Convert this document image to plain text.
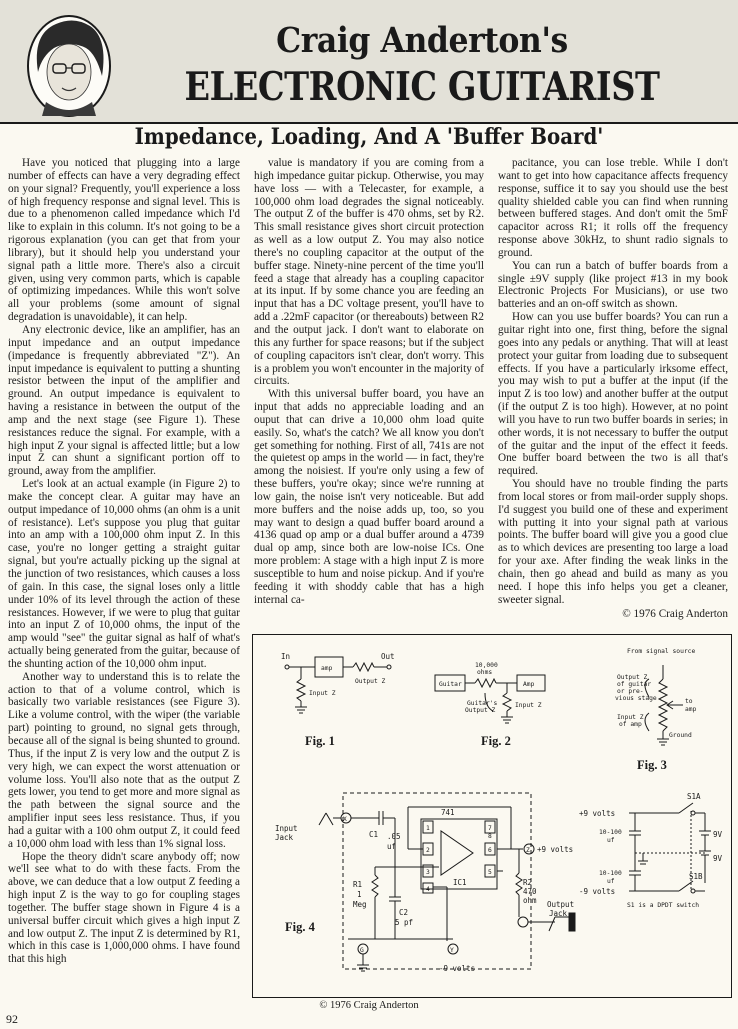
Craig Anderton's
ELECTRONIC GUITARIST
Impedance, Loading, And A 'Buffer Board'

Have you noticed that plugging into a large number of effects can have a very degrading effect on your signal? Frequently, you'll experience a loss of high frequency response and signal level. This is due to a phenomenon called impedance which I'd like to explain in this column. It's not going to be a rigorous explanation (you can get that from your library), but it should help you understand your signal path a little more. There's also a circuit given, using very common parts, which is capable of optimizing impedances. While this won't solve all your problems (some amount of signal degradation is unavoidable), it can help.

Any electronic device, like an amplifier, has an input impedance and an output impedance (impedance is frequently abbreviated "Z"). An input impedance is equivalent to putting a shunting resistor between the input of the amplifier and ground. An output impedance is equivalent to having a resistance in between the output of the amp and the next stage (see Figure 1). These resistances reduce the signal. For example, with a high input Z your signal is affected little; but a low input Z can shunt a significant portion off to ground, away from the amplifier.

Let's look at an actual example (in Figure 2) to make the concept clear. A guitar may have an output impedance of 10,000 ohms (an ohm is a unit of resistance). Let's suppose you plug that guitar into an amp with a 100,000 ohm input Z. In this case, you're no longer getting a straight guitar signal, but you're actually picking up the signal at the junction of two resistances, which causes a loss of gain. In this case, the signal loses only a little under 10% of its level through the action of these resistances. However, if we were to plug that guitar into an input Z of 10,000 ohms, the input of the amp would "see" the guitar signal as half of what's actually being generated from the guitar, because of the shunting action of the 10,000 ohm input.

Another way to understand this is to relate the action to that of a volume control, which is basically two variable resistances (see Figure 3). Like a volume control, with the wiper (the variable part) pointing to ground, no signal gets through, because all of the signal is being shunted to ground. Thus, if the input Z is very low and the output Z is very high, we can expect the worst attenuation or volume loss. You'll also note that as the output Z gets lower, you tend to get more and more signal as the path between the signal source and the amplifier input sees less resistance. Thus, if you had a guitar with a 100 ohm output Z, it could feed a 10,000 ohm load with less than 1% signal loss.

Hope the theory didn't scare anybody off; now we'll see what to do with these facts. From the above, we can deduce that a low output Z feeding a high input Z is the way to go for coupling stages together. The buffer stage shown in Figure 4 is a universal buffer circuit which gives a high input Z and low output Z. The input Z is determined by R1, which in this case is 1,000,000 ohms. I have found that this high

value is mandatory if you are coming from a high impedance guitar pickup. Otherwise, you may have loss — with a Telecaster, for example, a 100,000 ohm load degrades the signal noticeably. The output Z of the buffer is 470 ohms, set by R2. This small resistance gives short circuit protection as well as a low output Z. You may also notice there's no coupling capacitor at the output of the buffer stage. Ninety-nine percent of the time you'll feed a stage that already has a coupling capacitor at its input. If by some chance you are feeding an input that has a DC voltage present, you'll have to add a .22mF capacitor (or thereabouts) between R2 and the output jack. I don't want to elaborate on this any further for space reasons; but if the subject of coupling capacitors isn't clear, don't worry. This is a problem you won't encounter in the majority of circuits.

With this universal buffer board, you have an input that adds no appreciable loading and an ouput that can drive a 10,000 ohm load quite easily. So, what's the catch? We all know you don't get something for nothing. First of all, 741s are not the quietest op amps in the world — in fact, they're among the noisiest. If you're only using a few of these buffers, you're okay; since we're running at low gain, the noise isn't very noticeable. But add more buffers and the noise adds up, too, so you may want to design a quad buffer board around a 4136 quad op amp or a dual buffer around a 4739 dual op amp, since both are low-noise ICs. One more problem: A stage with a high input Z is more susceptible to hum and noise pickup. And if you're feeding it with shoddy cable that has a high internal ca-

pacitance, you can lose treble. While I don't want to get into how capacitance affects frequency response, suffice it to say you should use the best quality shielded cable you can find when running between buffered stages. And don't omit the 5mF capacitor across R1; it rolls off the frequency response above 30kHz, to shunt radio signals to ground.

You can run a batch of buffer boards from a single ±9V supply (like project #13 in my book Electronic Projects For Musicians), or use two batteries and an on-off switch as shown.

How can you use buffer boards? You can run a guitar right into one, first thing, before the signal goes into any pedals or anything. That will at least protect your guitar from loading due to subsequent effects. If you have a particularly irksome effect, you may wish to put a buffer at the input (if the input Z is too low) and another buffer at the output (if the output Z is too high). However, at no point will you have to run two buffer boards in series; in other words, it is not necessary to buffer the output of the guitar and the input of the effect it feeds. One buffer board between the two is all that's required.

You should have no trouble finding the parts from local stores or from mail-order supply shops. I'd suggest you build one of these and experiment with putting it into your signal path at various points. The buffer board will give you a good clue as to which devices are presenting too large a load for your axe. After finding the weak links in the chain, then go ahead and build as many as you need. I hope this info helps you get a cleaner, sweeter signal.

© 1976 Craig Anderton
In
amp
Out
Output Z
Input Z
Fig. 1
10,000
ohms
Guitar	Amp
Guitar's
Output Z
Input Z
Fig. 2
From signal source
Output Z
of guitar
or pre-
vious stage	to
amp
Input Z
of amp
Ground
Fig. 3
Input
Jack
X
C1 .05
uf
R1
1
Meg
C2
5 pf
741
IC1
1
2
3
4
5
6
7
8
Z +9 volts
R2
470
ohm Output
Jack
G	Y
-9 volts
Fig. 4
+9 volts
-9 volts
10-100
uf
10-100
uf
S1A
S1B
9V
9V
S1 is a DPDT switch
© 1976 Craig Anderton
92
